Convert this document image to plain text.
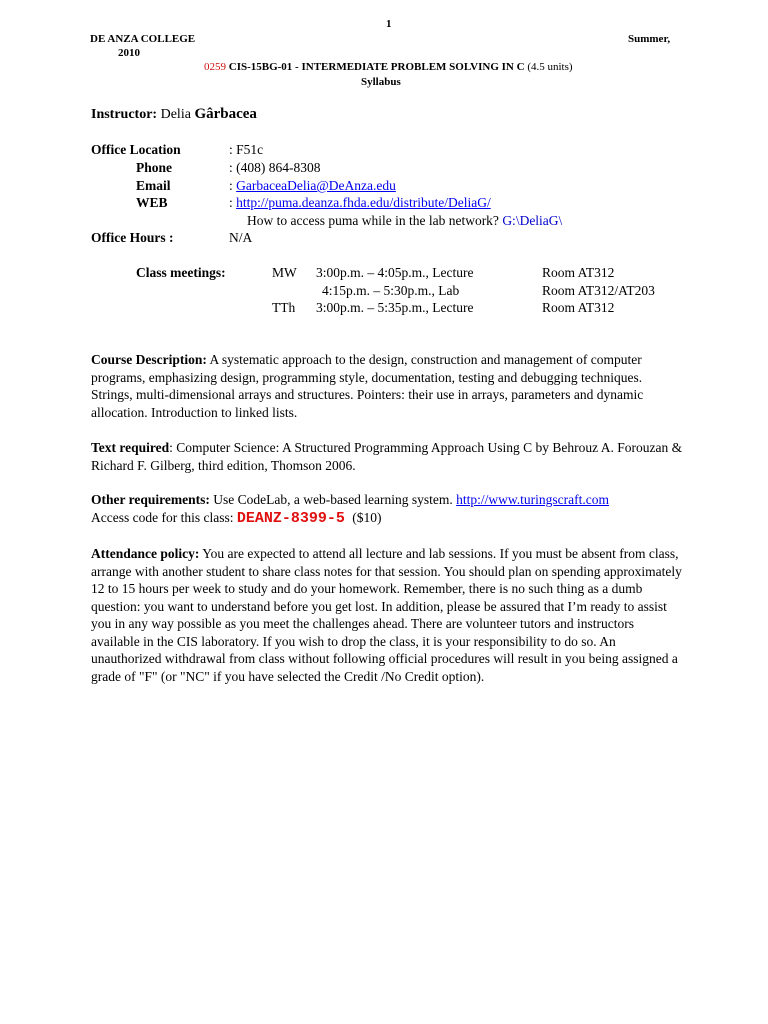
1
DE ANZA COLLEGE	Summer,
2010
0259 CIS-15BG-01 - INTERMEDIATE PROBLEM SOLVING IN C (4.5 units)
Syllabus
Instructor: Delia Gârbacea
Office Location	: F51c
Phone	: (408) 864-8308
Email	: GarbaceaDelia@DeAnza.edu
WEB	: http://puma.deanza.fhda.edu/distribute/DeliaG/
How to access puma while in the lab network? G:\DeliaG\
Office Hours :	N/A
Class meetings:	MW 3:00p.m. – 4:05p.m., Lecture	Room AT312
4:15p.m. – 5:30p.m., Lab	Room AT312/AT203
TTh 3:00p.m. – 5:35p.m., Lecture	Room AT312
Course Description: A systematic approach to the design, construction and management of computer programs, emphasizing design, programming style, documentation, testing and debugging techniques. Strings, multi-dimensional arrays and structures. Pointers: their use in arrays, parameters and dynamic allocation. Introduction to linked lists.
Text required: Computer Science: A Structured Programming Approach Using C by Behrouz A. Forouzan & Richard F. Gilberg, third edition, Thomson 2006.
Other requirements: Use CodeLab, a web-based learning system. http://www.turingscraft.com
Access code for this class: DEANZ-8399-5 ($10)
Attendance policy: You are expected to attend all lecture and lab sessions. If you must be absent from class, arrange with another student to share class notes for that session. You should plan on spending approximately 12 to 15 hours per week to study and do your homework. Remember, there is no such thing as a dumb question: you want to understand before you get lost. In addition, please be assured that I’m ready to assist you in any way possible as you meet the challenges ahead. There are volunteer tutors and instructors available in the CIS laboratory. If you wish to drop the class, it is your responsibility to do so. An unauthorized withdrawal from class without following official procedures will result in you being assigned a grade of "F" (or "NC" if you have selected the Credit /No Credit option).
